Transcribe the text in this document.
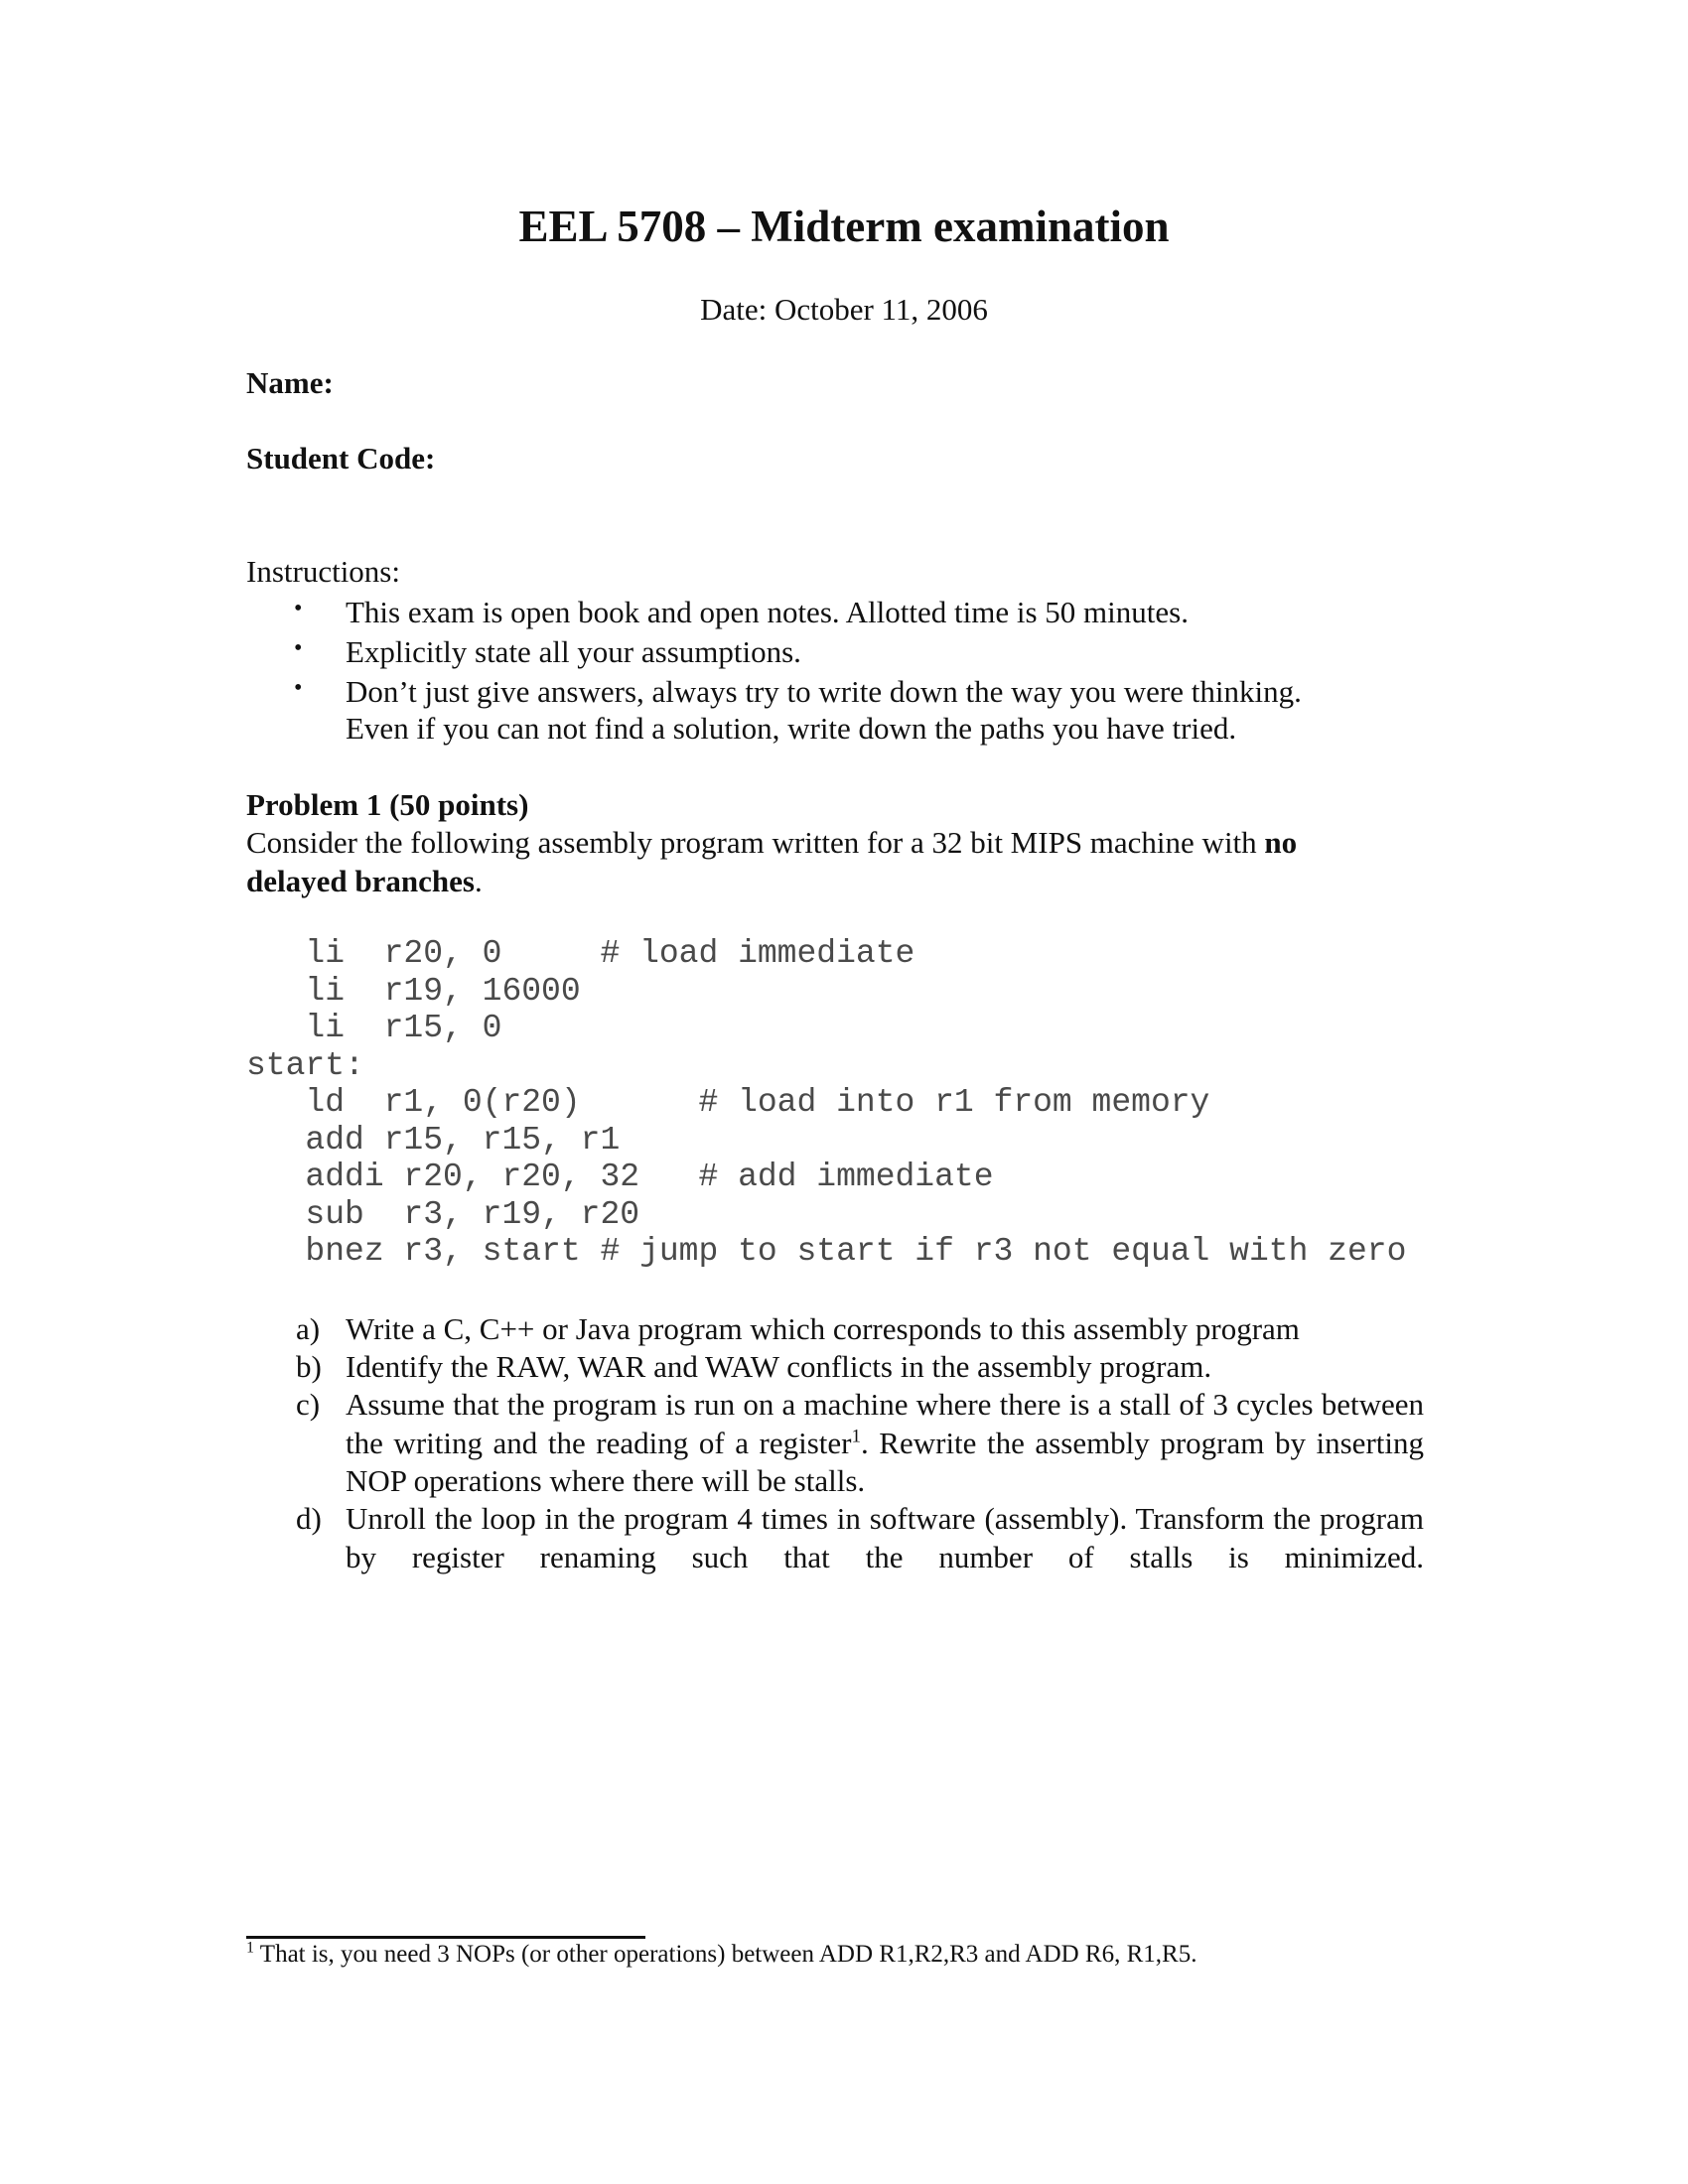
EEL 5708 – Midterm examination
Date: October 11, 2006
Name:
Student Code:
Instructions:
• This exam is open book and open notes. Allotted time is 50 minutes.
• Explicitly state all your assumptions.
• Don’t just give answers, always try to write down the way you were thinking.
Even if you can not find a solution, write down the paths you have tried.
Problem 1 (50 points)
Consider the following assembly program written for a 32 bit MIPS machine with no
delayed branches.
li  r20, 0     # load immediate
li  r19, 16000
li  r15, 0
start:
ld  r1, 0(r20)      # load into r1 from memory
add r15, r15, r1
addi r20, r20, 32   # add immediate
sub  r3, r19, r20
bnez r3, start # jump to start if r3 not equal with zero
a) Write a C, C++ or Java program which corresponds to this assembly program
b) Identify the RAW, WAR and WAW conflicts in the assembly program.
c) Assume that the program is run on a machine where there is a stall of 3 cycles between the writing and the reading of a register$^1$. Rewrite the assembly program by inserting NOP operations where there will be stalls.
d) Unroll the loop in the program 4 times in software (assembly). Transform the program by register renaming such that the number of stalls is minimized.
$^1$ That is, you need 3 NOPs (or other operations) between ADD R1,R2,R3 and ADD R6, R1,R5.
